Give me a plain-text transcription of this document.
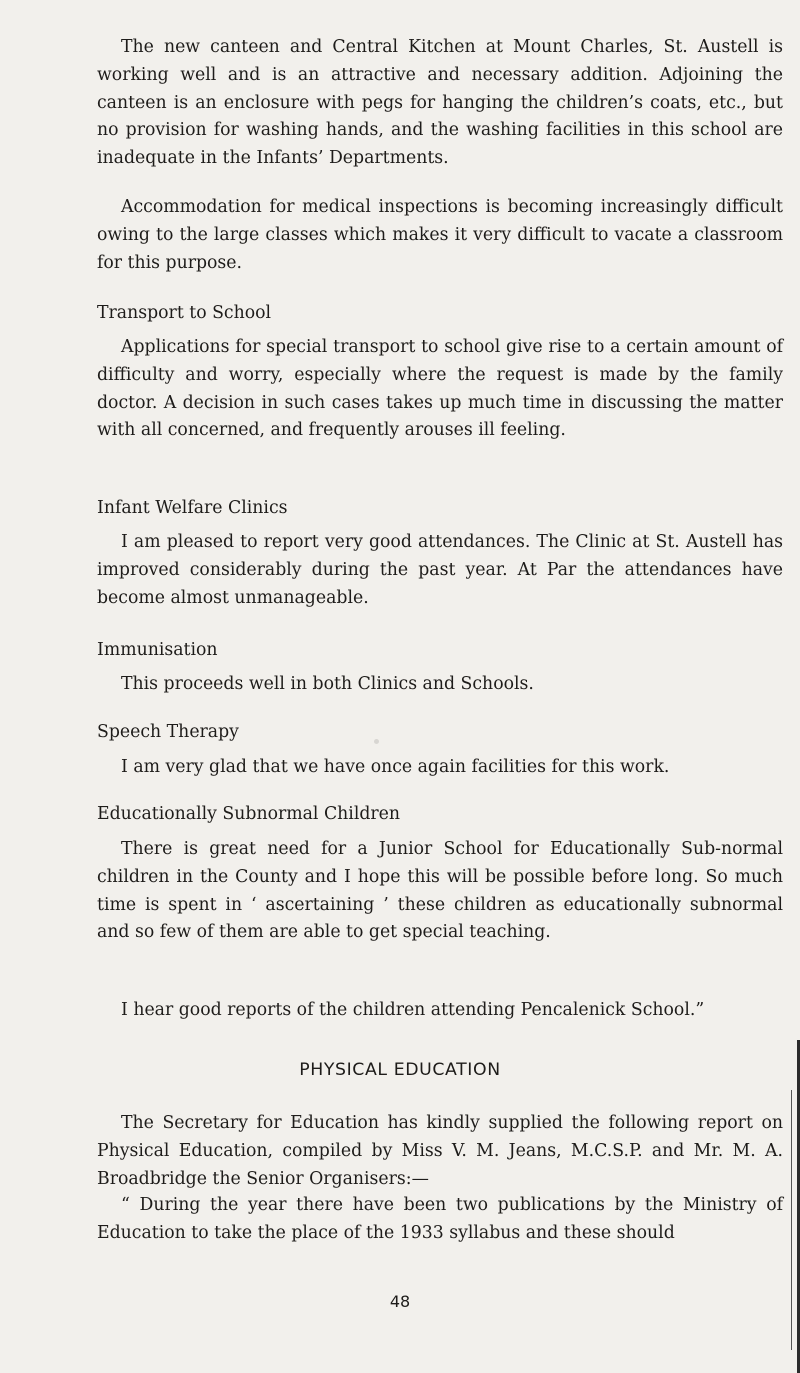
The new canteen and Central Kitchen at Mount Charles, St. Austell is working well and is an attractive and necessary addition. Adjoining the canteen is an enclosure with pegs for hanging the children’s coats, etc., but no provision for washing hands, and the washing facilities in this school are inadequate in the Infants’ Departments.

Accommodation for medical inspections is becoming increasingly difficult owing to the large classes which makes it very difficult to vacate a classroom for this purpose.

Transport to School

Applications for special transport to school give rise to a certain amount of difficulty and worry, especially where the request is made by the family doctor. A decision in such cases takes up much time in discussing the matter with all concerned, and frequently arouses ill feeling.

Infant Welfare Clinics

I am pleased to report very good attendances. The Clinic at St. Austell has improved considerably during the past year. At Par the attendances have become almost unmanageable.

Immunisation

This proceeds well in both Clinics and Schools.

Speech Therapy

I am very glad that we have once again facilities for this work.

Educationally Subnormal Children

There is great need for a Junior School for Educationally Sub-normal children in the County and I hope this will be possible before long. So much time is spent in ‘ ascertaining ’ these children as educationally subnormal and so few of them are able to get special teaching.

I hear good reports of the children attending Pencalenick School.”

PHYSICAL EDUCATION

The Secretary for Education has kindly supplied the following report on Physical Education, compiled by Miss V. M. Jeans, M.C.S.P. and Mr. M. A. Broadbridge the Senior Organisers:—

“ During the year there have been two publications by the Ministry of Education to take the place of the 1933 syllabus and these should

48
